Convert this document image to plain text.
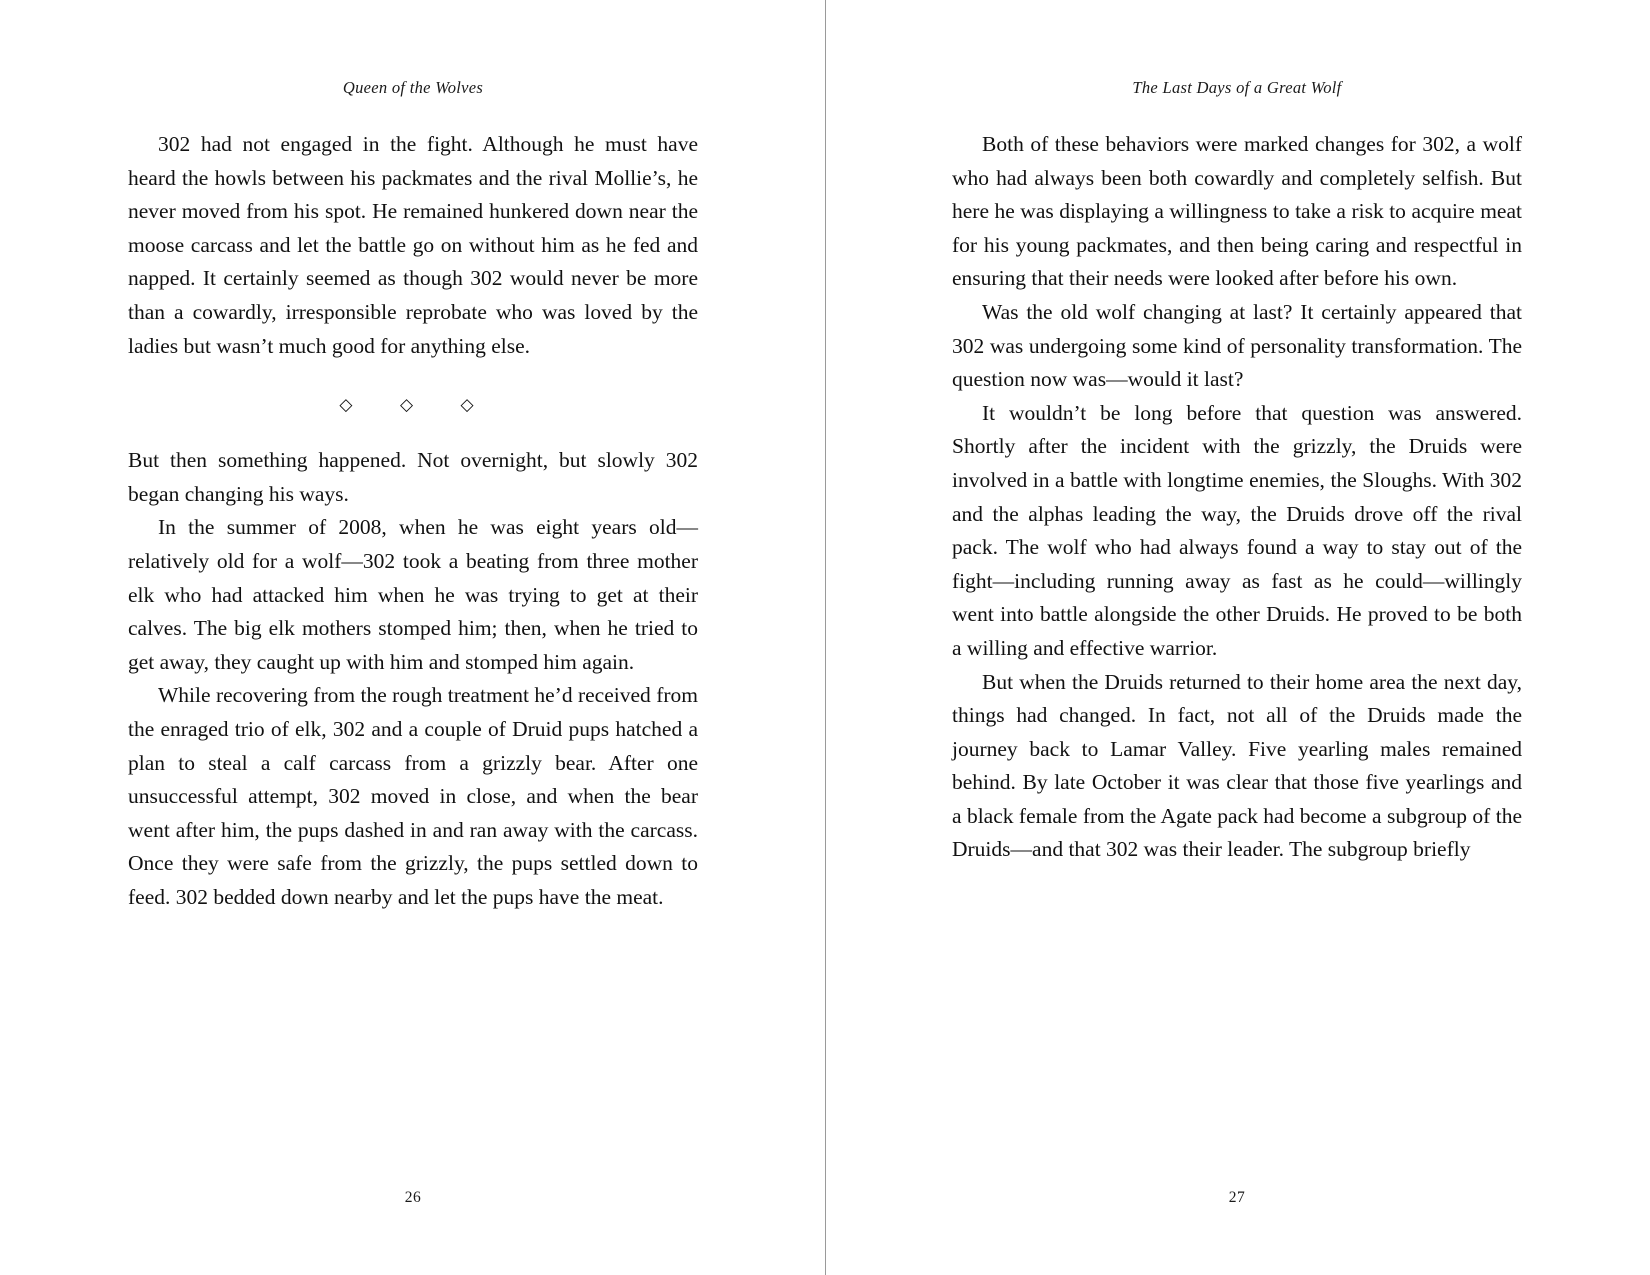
Queen of the Wolves

302 had not engaged in the fight. Although he must have heard the howls between his packmates and the rival Mollie’s, he never moved from his spot. He remained hunkered down near the moose carcass and let the battle go on without him as he fed and napped. It certainly seemed as though 302 would never be more than a cowardly, irresponsible reprobate who was loved by the ladies but wasn’t much good for anything else.

◇  ◇  ◇

But then something happened. Not overnight, but slowly 302 began changing his ways.

In the summer of 2008, when he was eight years old—relatively old for a wolf—302 took a beating from three mother elk who had attacked him when he was trying to get at their calves. The big elk mothers stomped him; then, when he tried to get away, they caught up with him and stomped him again.

While recovering from the rough treatment he’d received from the enraged trio of elk, 302 and a couple of Druid pups hatched a plan to steal a calf carcass from a grizzly bear. After one unsuccessful attempt, 302 moved in close, and when the bear went after him, the pups dashed in and ran away with the carcass. Once they were safe from the grizzly, the pups settled down to feed. 302 bedded down nearby and let the pups have the meat.

26
The Last Days of a Great Wolf

Both of these behaviors were marked changes for 302, a wolf who had always been both cowardly and completely selfish. But here he was displaying a willingness to take a risk to acquire meat for his young packmates, and then being caring and respectful in ensuring that their needs were looked after before his own.

Was the old wolf changing at last? It certainly appeared that 302 was undergoing some kind of personality transformation. The question now was—would it last?

It wouldn’t be long before that question was answered. Shortly after the incident with the grizzly, the Druids were involved in a battle with longtime enemies, the Sloughs. With 302 and the alphas leading the way, the Druids drove off the rival pack. The wolf who had always found a way to stay out of the fight—including running away as fast as he could—willingly went into battle alongside the other Druids. He proved to be both a willing and effective warrior.

But when the Druids returned to their home area the next day, things had changed. In fact, not all of the Druids made the journey back to Lamar Valley. Five yearling males remained behind. By late October it was clear that those five yearlings and a black female from the Agate pack had become a subgroup of the Druids—and that 302 was their leader. The subgroup briefly

27
